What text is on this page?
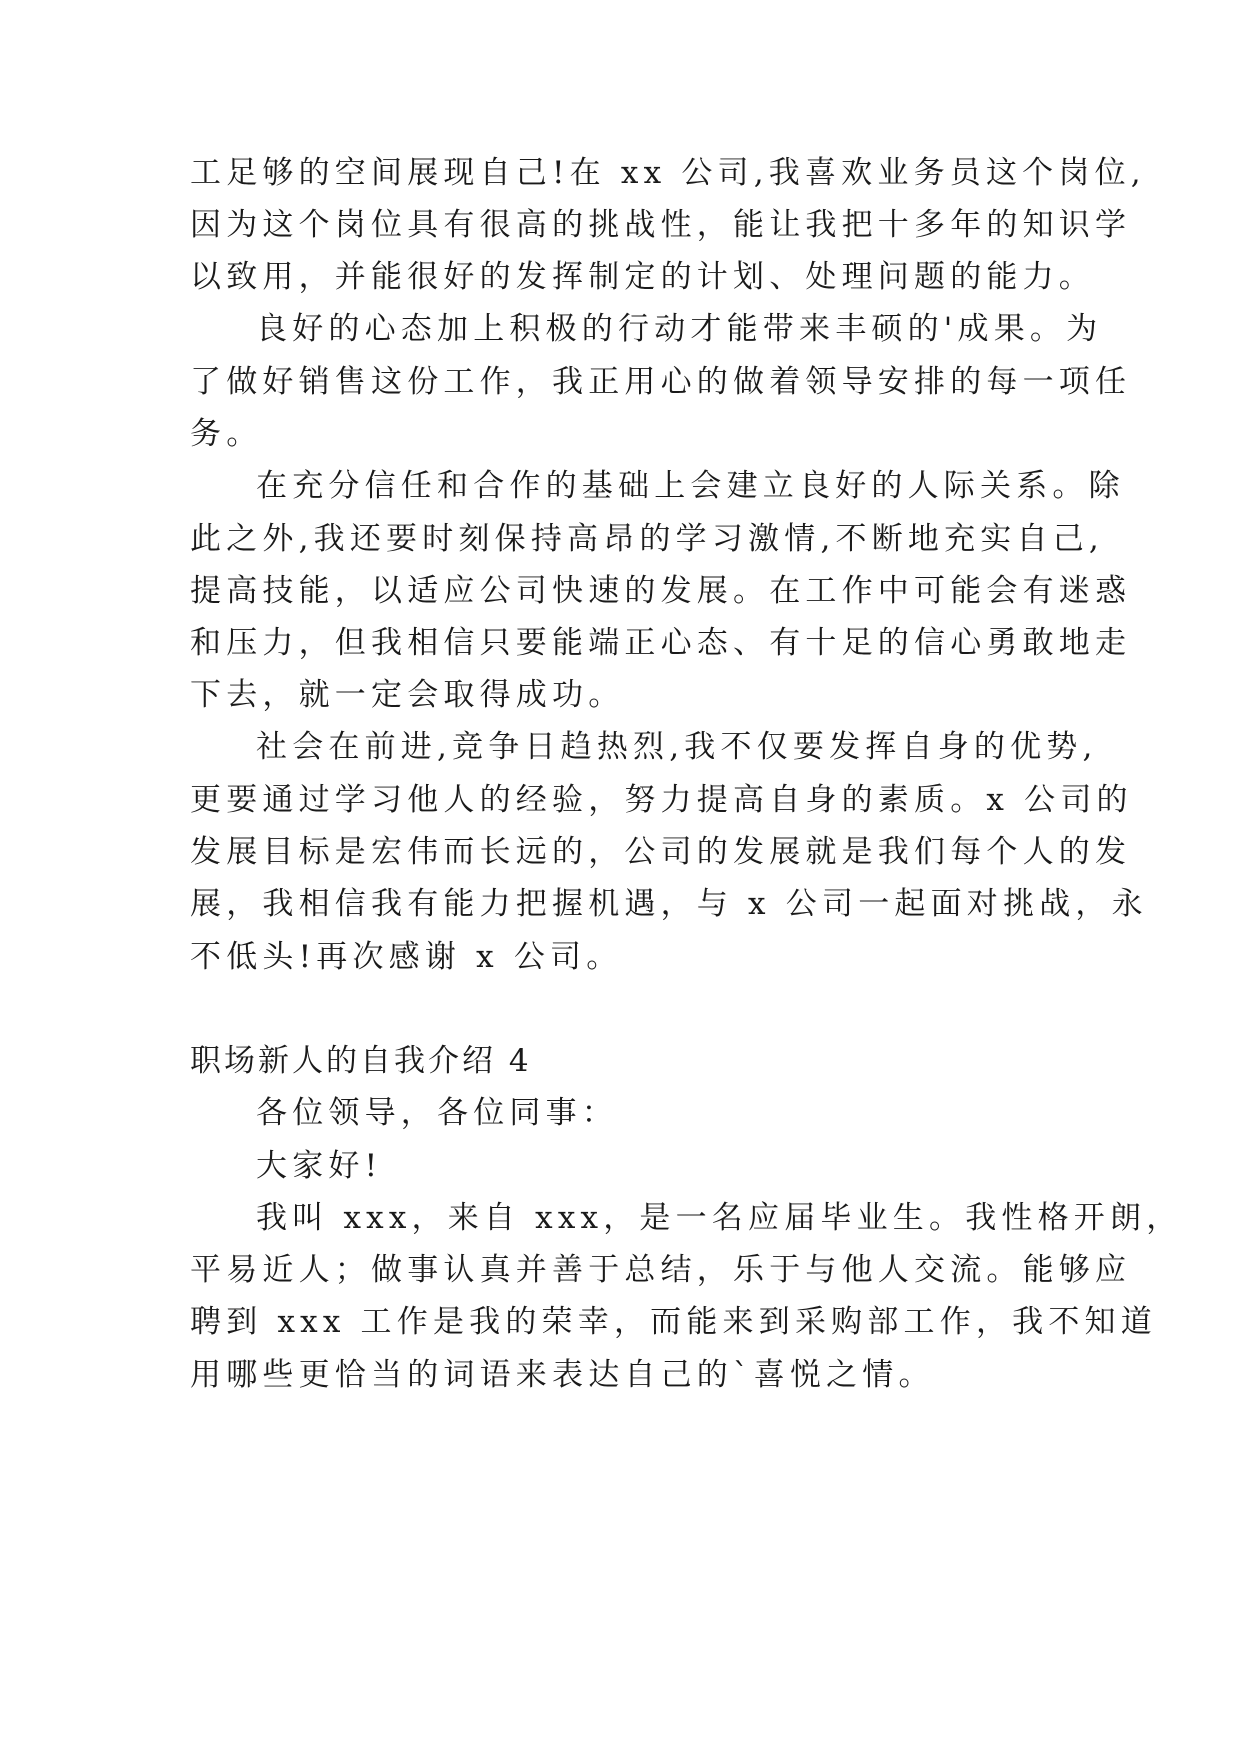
工足够的空间展现自己!在 xx 公司,我喜欢业务员这个岗位,
因为这个岗位具有很高的挑战性，能让我把十多年的知识学
以致用，并能很好的发挥制定的计划、处理问题的能力。
良好的心态加上积极的行动才能带来丰硕的'成果。为
了做好销售这份工作，我正用心的做着领导安排的每一项任
务。
在充分信任和合作的基础上会建立良好的人际关系。除
此之外,我还要时刻保持高昂的学习激情,不断地充实自己,
提高技能，以适应公司快速的发展。在工作中可能会有迷惑
和压力，但我相信只要能端正心态、有十足的信心勇敢地走
下去，就一定会取得成功。
社会在前进,竞争日趋热烈,我不仅要发挥自身的优势,
更要通过学习他人的经验，努力提高自身的素质。x 公司的
发展目标是宏伟而长远的，公司的发展就是我们每个人的发
展，我相信我有能力把握机遇，与 x 公司一起面对挑战，永
不低头!再次感谢 x 公司。
职场新人的自我介绍 4
各位领导，各位同事：
大家好!
我叫 xxx，来自 xxx，是一名应届毕业生。我性格开朗，
平易近人；做事认真并善于总结，乐于与他人交流。能够应
聘到 xxx 工作是我的荣幸，而能来到采购部工作，我不知道
用哪些更恰当的词语来表达自己的`喜悦之情。
